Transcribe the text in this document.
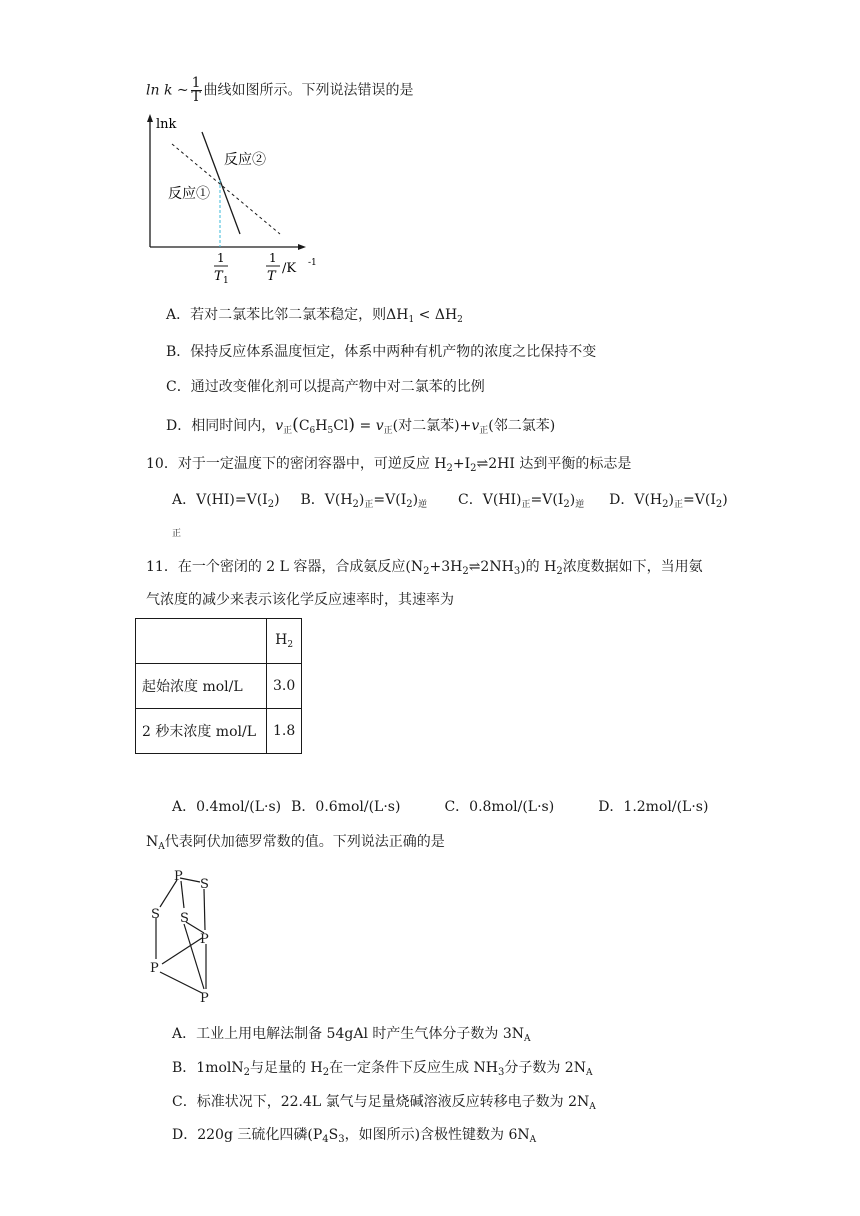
ln k ~ $\frac{1}{T}$ 曲线如图所示。下列说法错误的是
lnk
反应②
反应①
1
T 1
1
T
/K -1
A．若对二氯苯比邻二氯苯稳定，则$\Delta H_1 < \Delta H_2$
B．保持反应体系温度恒定，体系中两种有机产物的浓度之比保持不变
C．通过改变催化剂可以提高产物中对二氯苯的比例
D．相同时间内，$v_正(C_6H_5Cl) = v_正$(对二氯苯)$+v_正$(邻二氯苯)
10．对于一定温度下的密闭容器中，可逆反应 $H_2+I_2\rightleftharpoons 2HI$ 达到平衡的标志是
A．$V(HI)=V(I_2)$ B．$V(H_2)_正=V(I_2)_逆$ C．$V(HI)_正=V(I_2)_逆$ D．$V(H_2)_正=V(I_2)$
正
11．在一个密闭的 2 L 容器，合成氨反应$(N_2+3H_2\rightleftharpoons 2NH_3)$的 $H_2$浓度数据如下，当用氨
气浓度的减少来表示该化学反应速率时，其速率为
	$H_2$
起始浓度 mol/L	3.0
2 秒末浓度 mol/L	1.8
A．0.4mol/(L·s) B．0.6mol/(L·s)	C．0.8mol/(L·s)	D．1.2mol/(L·s)
$N_A$代表阿伏加德罗常数的值。下列说法正确的是
P
S
S S
P
P
P
A．工业上用电解法制备 54gAl 时产生气体分子数为 $3N_A$
B．1molN$_2$与足量的 $H_2$在一定条件下反应生成 $NH_3$分子数为 $2N_A$
C．标准状况下，22.4L 氯气与足量烧碱溶液反应转移电子数为 $2N_A$
D．220g 三硫化四磷($P_4S_3$，如图所示)含极性键数为 $6N_A$
